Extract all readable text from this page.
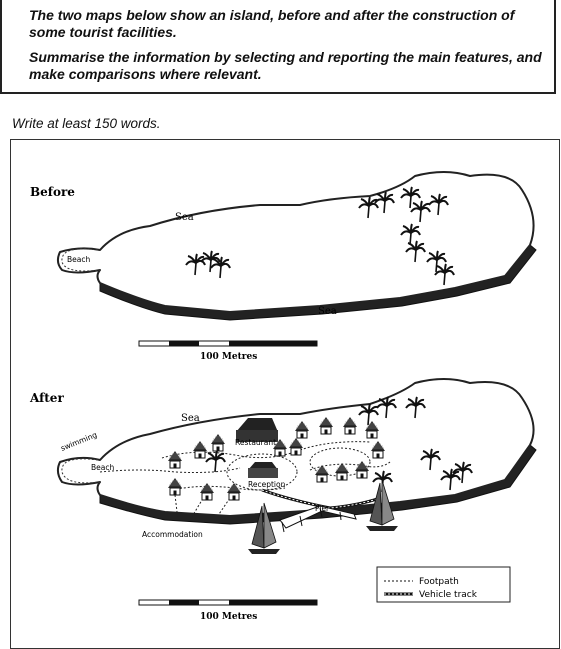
The two maps below show an island, before and after the construction of some tourist facilities.

Summarise the information by selecting and reporting the main features, and make comparisons where relevant.

Write at least 150 words.

Before
Sea
Sea
Beach
100 Metres
After
Sea
swimming
Beach
Restaurant
Reception
Pier
Accommodation
Footpath
Vehicle track
100 Metres
